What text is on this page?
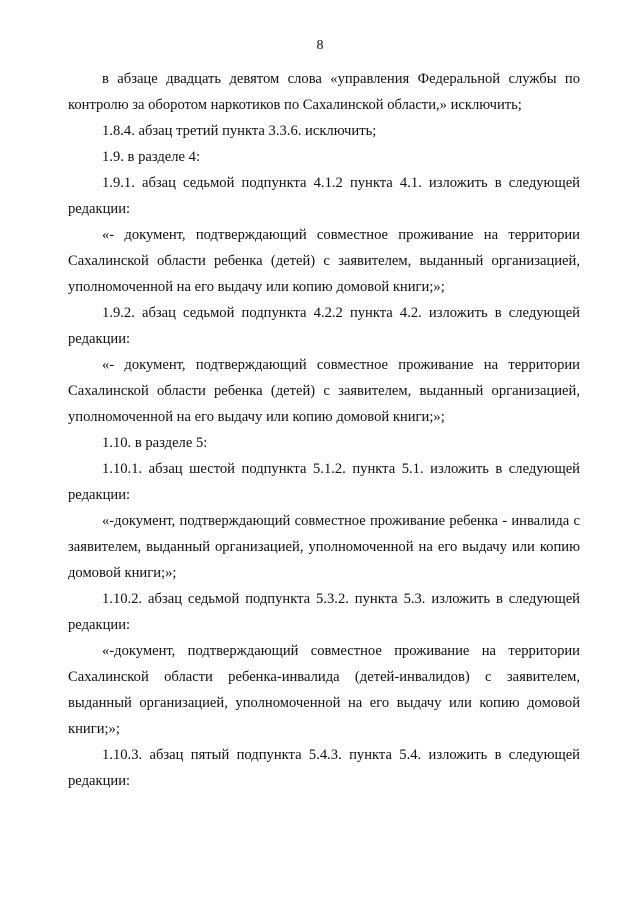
8

в абзаце двадцать девятом слова «управления Федеральной службы по контролю за оборотом наркотиков по Сахалинской области,» исключить;

1.8.4. абзац третий пункта 3.3.6. исключить;

1.9. в разделе 4:

1.9.1. абзац седьмой подпункта 4.1.2 пункта 4.1. изложить в следующей редакции:

«- документ, подтверждающий совместное проживание на территории Сахалинской области ребенка (детей) с заявителем, выданный организацией, уполномоченной на его выдачу или копию домовой книги;»;

1.9.2. абзац седьмой подпункта 4.2.2 пункта 4.2. изложить в следующей редакции:

«- документ, подтверждающий совместное проживание на территории Сахалинской области ребенка (детей) с заявителем, выданный организацией, уполномоченной на его выдачу или копию домовой книги;»;

1.10. в разделе 5:

1.10.1. абзац шестой подпункта 5.1.2. пункта 5.1. изложить в следующей редакции:

«-документ, подтверждающий совместное проживание ребенка - инвалида с заявителем, выданный организацией, уполномоченной на его выдачу или копию домовой книги;»;

1.10.2. абзац седьмой подпункта 5.3.2. пункта 5.3. изложить в следующей редакции:

«-документ, подтверждающий совместное проживание на территории Сахалинской области ребенка-инвалида (детей-инвалидов) с заявителем, выданный организацией, уполномоченной на его выдачу или копию домовой книги;»;

1.10.3. абзац пятый подпункта 5.4.3. пункта 5.4. изложить в следующей редакции:
